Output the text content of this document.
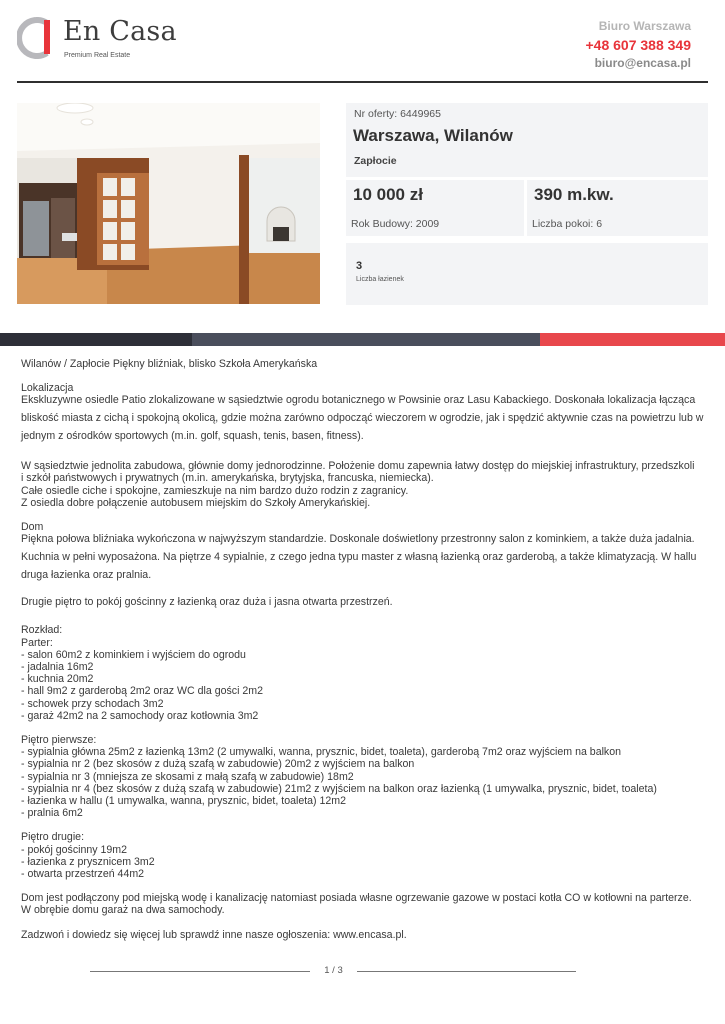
En Casa
Premium Real Estate
Biuro Warszawa
+48 607 388 349
biuro@encasa.pl
Nr oferty: 6449965
Warszawa, Wilanów
Zapłocie
10 000 zł
Rok Budowy: 2009
390 m.kw.
Liczba pokoi: 6
3
Liczba łazienek

Wilanów / Zapłocie Piękny bliźniak, blisko Szkoła Amerykańska

Lokalizacja

Ekskluzywne osiedle Patio zlokalizowane w sąsiedztwie ogrodu botanicznego w Powsinie oraz Lasu Kabackiego. Doskonała lokalizacja łącząca bliskość miasta z cichą i spokojną okolicą, gdzie można zarówno odpocząć wieczorem w ogrodzie, jak i spędzić aktywnie czas na powietrzu lub w jednym z ośrodków sportowych (m.in. golf, squash, tenis, basen, fitness).

W sąsiedztwie jednolita zabudowa, głównie domy jednorodzinne. Położenie domu zapewnia łatwy dostęp do miejskiej infrastruktury, przedszkoli

i szkół państwowych i prywatnych (m.in. amerykańska, brytyjska, francuska, niemiecka).

Całe osiedle ciche i spokojne, zamieszkuje na nim bardzo dużo rodzin z zagranicy.

Z osiedla dobre połączenie autobusem miejskim do Szkoły Amerykańskiej.

Dom

Piękna połowa bliźniaka wykończona w najwyższym standardzie. Doskonale doświetlony przestronny salon z kominkiem, a także duża jadalnia. Kuchnia w pełni wyposażona. Na piętrze 4 sypialnie, z czego jedna typu master z własną łazienką oraz garderobą, a także klimatyzacją. W hallu druga łazienka oraz pralnia.

Drugie piętro to pokój gościnny z łazienką oraz duża i jasna otwarta przestrzeń.

Rozkład:

Parter:

- salon 60m2 z kominkiem i wyjściem do ogrodu

- jadalnia 16m2

- kuchnia 20m2

- hall 9m2 z garderobą 2m2 oraz WC dla gości 2m2

- schowek przy schodach 3m2

- garaż 42m2 na 2 samochody oraz kotłownia 3m2

Piętro pierwsze:

- sypialnia główna 25m2 z łazienką 13m2 (2 umywalki, wanna, prysznic, bidet, toaleta), garderobą 7m2 oraz wyjściem na balkon

- sypialnia nr 2 (bez skosów z dużą szafą w zabudowie) 20m2 z wyjściem na balkon

- sypialnia nr 3 (mniejsza ze skosami z małą szafą w zabudowie) 18m2

- sypialnia nr 4 (bez skosów z dużą szafą w zabudowie) 21m2 z wyjściem na balkon oraz łazienką (1 umywalka, prysznic, bidet, toaleta)

- łazienka w hallu (1 umywalka, wanna, prysznic, bidet, toaleta) 12m2

- pralnia 6m2

Piętro drugie:

- pokój gościnny 19m2

- łazienka z prysznicem 3m2

- otwarta przestrzeń 44m2

Dom jest podłączony pod miejską wodę i kanalizację natomiast posiada własne ogrzewanie gazowe w postaci kotła CO w kotłowni na parterze.

W obrębie domu garaż na dwa samochody.

Zadzwoń i dowiedz się więcej lub sprawdź inne nasze ogłoszenia: www.encasa.pl.

1 / 3
